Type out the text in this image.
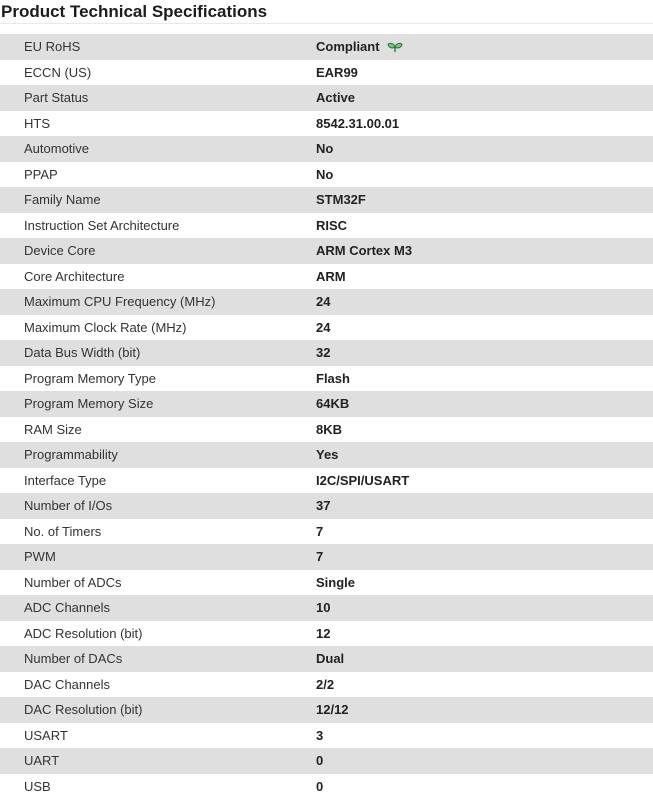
Product Technical Specifications
EU RoHS	Compliant
ECCN (US)	EAR99
Part Status	Active
HTS	8542.31.00.01
Automotive	No
PPAP	No
Family Name	STM32F
Instruction Set Architecture	RISC
Device Core	ARM Cortex M3
Core Architecture	ARM
Maximum CPU Frequency (MHz)	24
Maximum Clock Rate (MHz)	24
Data Bus Width (bit)	32
Program Memory Type	Flash
Program Memory Size	64KB
RAM Size	8KB
Programmability	Yes
Interface Type	I2C/SPI/USART
Number of I/Os	37
No. of Timers	7
PWM	7
Number of ADCs	Single
ADC Channels	10
ADC Resolution (bit)	12
Number of DACs	Dual
DAC Channels	2/2
DAC Resolution (bit)	12/12
USART	3
UART	0
USB	0
